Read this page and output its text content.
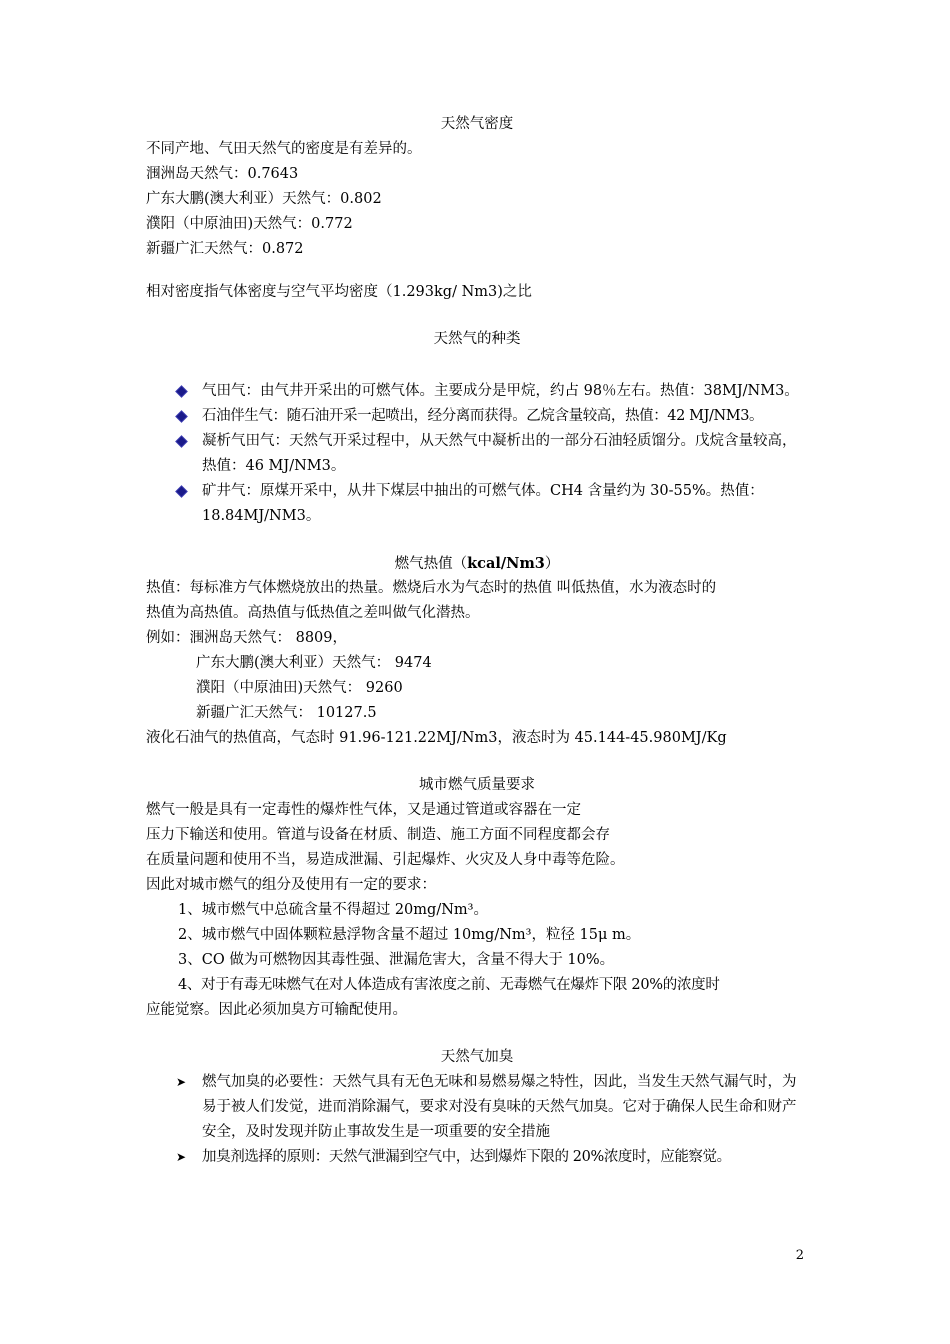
天然气密度
不同产地、气田天然气的密度是有差异的。
涠洲岛天然气：0.7643
广东大鹏(澳大利亚）天然气：0.802
濮阳（中原油田)天然气：0.772
新疆广汇天然气：0.872
相对密度指气体密度与空气平均密度（1.293kg/ Nm3)之比
天然气的种类
气田气：由气井开采出的可燃气体。主要成分是甲烷，约占 98％左右。热值：38MJ/NM3。
石油伴生气：随石油开采一起喷出，经分离而获得。乙烷含量较高，热值：42 MJ/NM3。
凝析气田气：天然气开采过程中，从天然气中凝析出的一部分石油轻质馏分。戊烷含量较高，热值：46 MJ/NM3。
矿井气：原煤开采中，从井下煤层中抽出的可燃气体。CH4 含量约为 30-55%。热值：18.84MJ/NM3。
燃气热值（kcal/Nm3）
热值：每标准方气体燃烧放出的热量。燃烧后水为气态时的热值 叫低热值，水为液态时的
热值为高热值。高热值与低热值之差叫做气化潜热。
例如：涠洲岛天然气： 8809，
广东大鹏(澳大利亚）天然气： 9474
濮阳（中原油田)天然气： 9260
新疆广汇天然气： 10127.5
液化石油气的热值高，气态时 91.96-121.22MJ/Nm3，液态时为 45.144-45.980MJ/Kg
城市燃气质量要求
燃气一般是具有一定毒性的爆炸性气体，又是通过管道或容器在一定
压力下输送和使用。管道与设备在材质、制造、施工方面不同程度都会存
在质量问题和使用不当，易造成泄漏、引起爆炸、火灾及人身中毒等危险。
因此对城市燃气的组分及使用有一定的要求：
1、城市燃气中总硫含量不得超过 20mg/Nm³。
2、城市燃气中固体颗粒悬浮物含量不超过 10mg/Nm³，粒径 15μ m。
3、CO 做为可燃物因其毒性强、泄漏危害大，含量不得大于 10%。
4、对于有毒无味燃气在对人体造成有害浓度之前、无毒燃气在爆炸下限 20%的浓度时
应能觉察。因此必须加臭方可输配使用。
天然气加臭
➤ 燃气加臭的必要性：天然气具有无色无味和易燃易爆之特性，因此，当发生天然气漏气时，为易于被人们发觉，进而消除漏气，要求对没有臭味的天然气加臭。它对于确保人民生命和财产安全，及时发现并防止事故发生是一项重要的安全措施
➤ 加臭剂选择的原则：天然气泄漏到空气中，达到爆炸下限的 20%浓度时，应能察觉。
2
